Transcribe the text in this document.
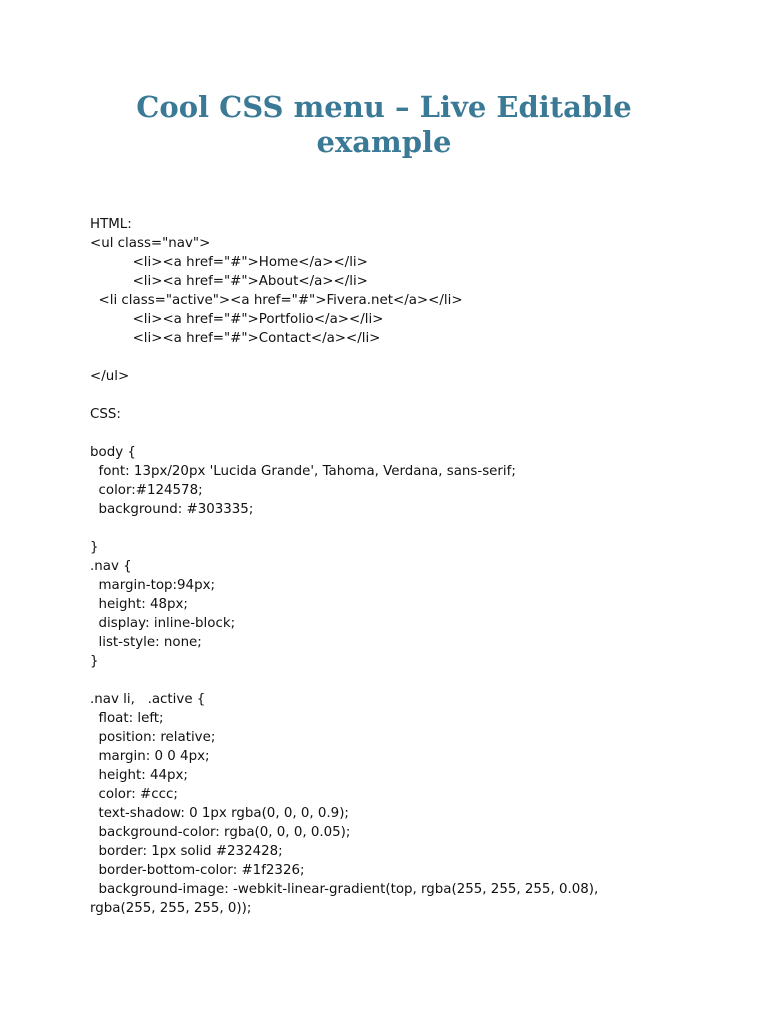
Cool CSS menu – Live Editable example
HTML:
<ul class="nav">
<li><a href="#">Home</a></li>
<li><a href="#">About</a></li>
<li class="active"><a href="#">Fivera.net</a></li>
<li><a href="#">Portfolio</a></li>
<li><a href="#">Contact</a></li>
</ul>
CSS:
body {
font: 13px/20px 'Lucida Grande', Tahoma, Verdana, sans-serif;
color:#124578;
background: #303335;
}
.nav {
margin-top:94px;
height: 48px;
display: inline-block;
list-style: none;
}
.nav li,   .active {
float: left;
position: relative;
margin: 0 0 4px;
height: 44px;
color: #ccc;
text-shadow: 0 1px rgba(0, 0, 0, 0.9);
background-color: rgba(0, 0, 0, 0.05);
border: 1px solid #232428;
border-bottom-color: #1f2326;
background-image: -webkit-linear-gradient(top, rgba(255, 255, 255, 0.08),
rgba(255, 255, 255, 0));
